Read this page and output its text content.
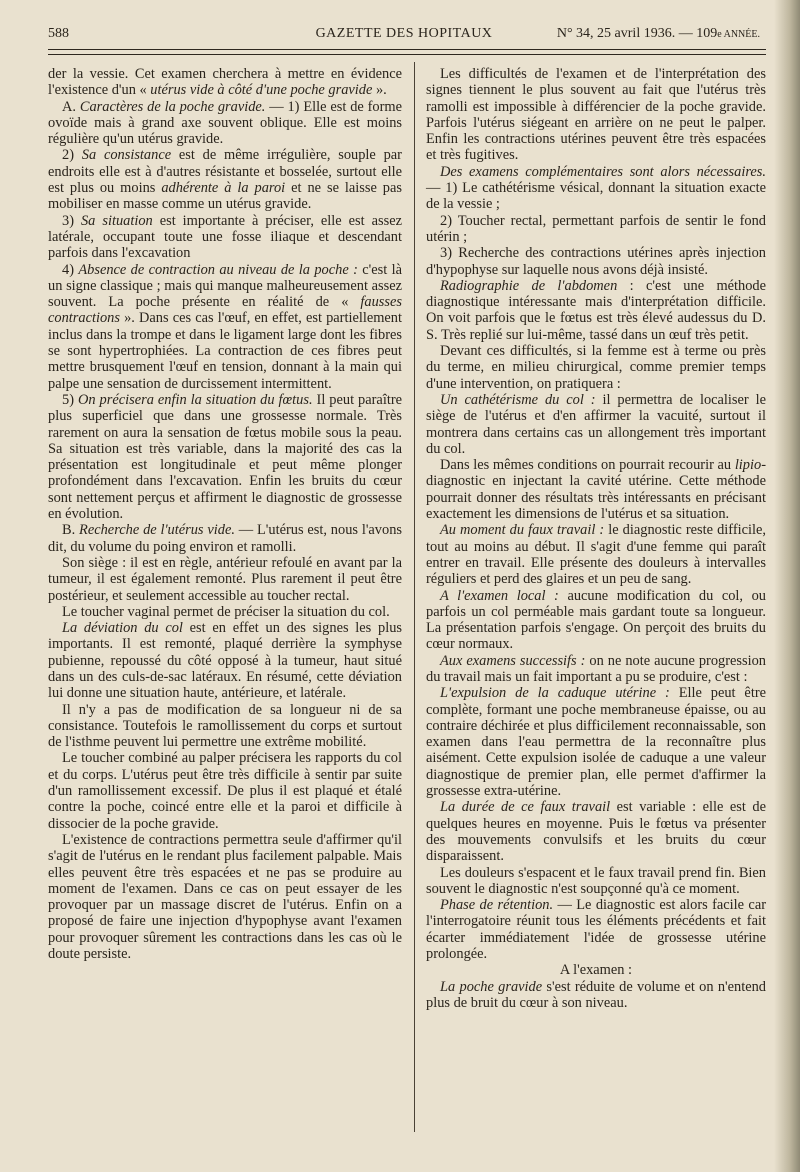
588	GAZETTE DES HOPITAUX	N° 34, 25 avril 1936. — 109e ANNÉE.

der la vessie. Cet examen cherchera à mettre en évidence l'existence d'un « utérus vide à côté d'une poche gravide ».

A. Caractères de la poche gravide. — 1) Elle est de forme ovoïde mais à grand axe souvent oblique. Elle est moins régulière qu'un utérus gravide.

2) Sa consistance est de même irrégulière, souple par endroits elle est à d'autres résistante et bosselée, surtout elle est plus ou moins adhérente à la paroi et ne se laisse pas mobiliser en masse comme un utérus gravide.

3) Sa situation est importante à préciser, elle est assez latérale, occupant toute une fosse iliaque et descendant parfois dans l'excavation

4) Absence de contraction au niveau de la poche : c'est là un signe classique ; mais qui manque malheureusement assez souvent. La poche présente en réalité de « fausses contractions ». Dans ces cas l'œuf, en effet, est partiellement inclus dans la trompe et dans le ligament large dont les fibres se sont hypertrophiées. La contraction de ces fibres peut mettre brusquement l'œuf en tension, donnant à la main qui palpe une sensation de durcissement intermittent.

5) On précisera enfin la situation du fœtus. Il peut paraître plus superficiel que dans une grossesse normale. Très rarement on aura la sensation de fœtus mobile sous la peau. Sa situation est très variable, dans la majorité des cas la présentation est longitudinale et peut même plonger profondément dans l'excavation. Enfin les bruits du cœur sont nettement perçus et affirment le diagnostic de grossesse en évolution.

B. Recherche de l'utérus vide. — L'utérus est, nous l'avons dit, du volume du poing environ et ramolli.

Son siège : il est en règle, antérieur refoulé en avant par la tumeur, il est également remonté. Plus rarement il peut être postérieur, et seulement accessible au toucher rectal.

Le toucher vaginal permet de préciser la situation du col.

La déviation du col est en effet un des signes les plus importants. Il est remonté, plaqué derrière la symphyse pubienne, repoussé du côté opposé à la tumeur, haut situé dans un des culs-de-sac latéraux. En résumé, cette déviation lui donne une situation haute, antérieure, et latérale.

Il n'y a pas de modification de sa longueur ni de sa consistance. Toutefois le ramollissement du corps et surtout de l'isthme peuvent lui permettre une extrême mobilité.

Le toucher combiné au palper précisera les rapports du col et du corps. L'utérus peut être très difficile à sentir par suite d'un ramollissement excessif. De plus il est plaqué et étalé contre la poche, coincé entre elle et la paroi et difficile à dissocier de la poche gravide.

L'existence de contractions permettra seule d'affirmer qu'il s'agit de l'utérus en le rendant plus facilement palpable. Mais elles peuvent être très espacées et ne pas se produire au moment de l'examen. Dans ce cas on peut essayer de les provoquer par un massage discret de l'utérus. Enfin on a proposé de faire une injection d'hypophyse avant l'examen pour provoquer sûrement les contractions dans les cas où le doute persiste.

Les difficultés de l'examen et de l'interprétation des signes tiennent le plus souvent au fait que l'utérus très ramolli est impossible à différencier de la poche gravide. Parfois l'utérus siégeant en arrière on ne peut le palper. Enfin les contractions utérines peuvent être très espacées et très fugitives.

Des examens complémentaires sont alors nécessaires. — 1) Le cathétérisme vésical, donnant la situation exacte de la vessie ;

2) Toucher rectal, permettant parfois de sentir le fond utérin ;

3) Recherche des contractions utérines après injection d'hypophyse sur laquelle nous avons déjà insisté.

Radiographie de l'abdomen : c'est une méthode diagnostique intéressante mais d'interprétation difficile. On voit parfois que le fœtus est très élevé audessus du D. S. Très replié sur lui-même, tassé dans un œuf très petit.

Devant ces difficultés, si la femme est à terme ou près du terme, en milieu chirurgical, comme premier temps d'une intervention, on pratiquera :

Un cathétérisme du col : il permettra de localiser le siège de l'utérus et d'en affirmer la vacuité, surtout il montrera dans certains cas un allongement très important du col.

Dans les mêmes conditions on pourrait recourir au lipio-diagnostic en injectant la cavité utérine. Cette méthode pourrait donner des résultats très intéressants en précisant exactement les dimensions de l'utérus et sa situation.

Au moment du faux travail : le diagnostic reste difficile, tout au moins au début. Il s'agit d'une femme qui paraît entrer en travail. Elle présente des douleurs à intervalles réguliers et perd des glaires et un peu de sang.

A l'examen local : aucune modification du col, ou parfois un col perméable mais gardant toute sa longueur. La présentation parfois s'engage. On perçoit des bruits du cœur normaux.

Aux examens successifs : on ne note aucune progression du travail mais un fait important a pu se produire, c'est :

L'expulsion de la caduque utérine : Elle peut être complète, formant une poche membraneuse épaisse, ou au contraire déchirée et plus difficilement reconnaissable, son examen dans l'eau permettra de la reconnaître plus aisément. Cette expulsion isolée de caduque a une valeur diagnostique de premier plan, elle permet d'affirmer la grossesse extra-utérine.

La durée de ce faux travail est variable : elle est de quelques heures en moyenne. Puis le fœtus va présenter des mouvements convulsifs et les bruits du cœur disparaissent.

Les douleurs s'espacent et le faux travail prend fin. Bien souvent le diagnostic n'est soupçonné qu'à ce moment.

Phase de rétention. — Le diagnostic est alors facile car l'interrogatoire réunit tous les éléments précédents et fait écarter immédiatement l'idée de grossesse utérine prolongée.

A l'examen :

La poche gravide s'est réduite de volume et on n'entend plus de bruit du cœur à son niveau.
